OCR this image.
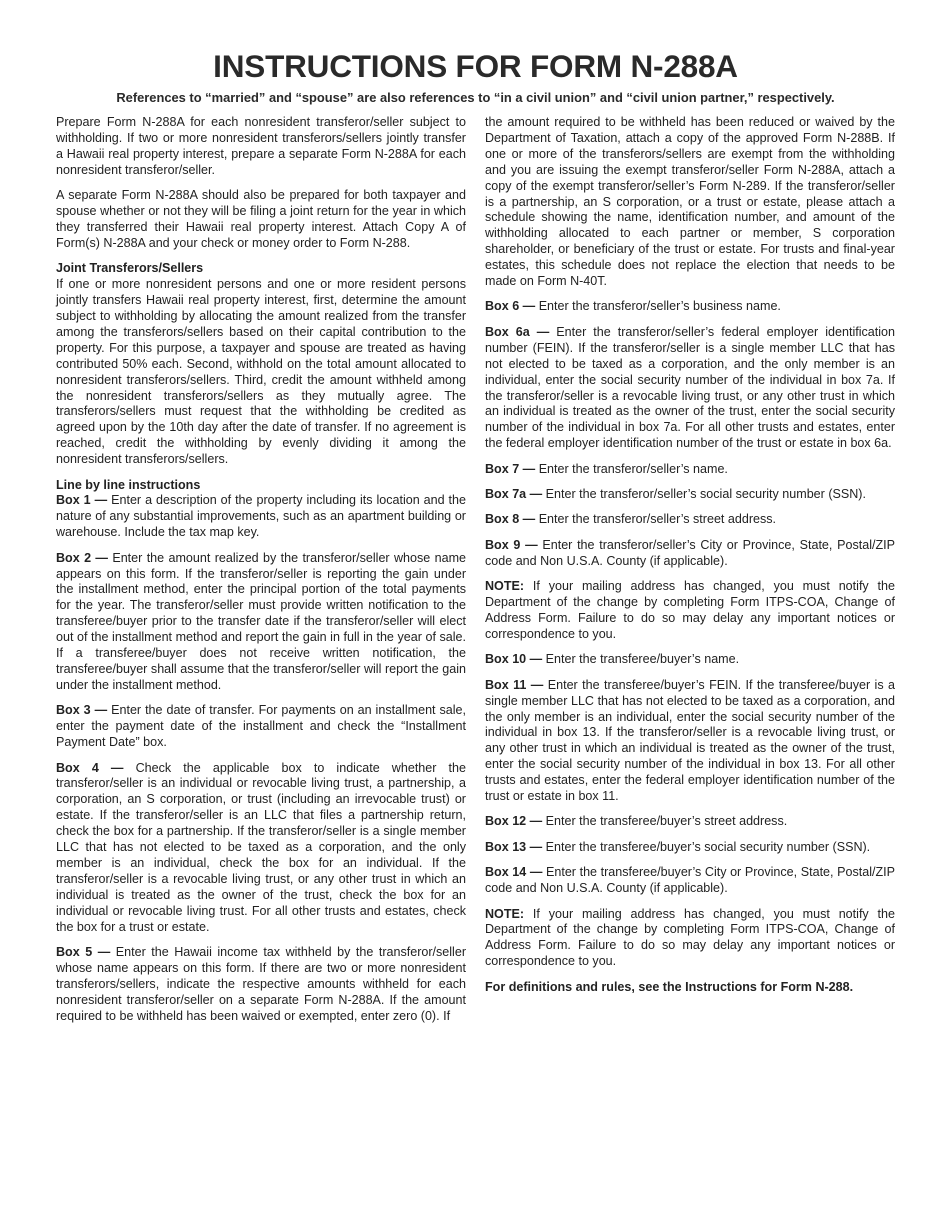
INSTRUCTIONS FOR FORM N-288A
References to “married” and “spouse” are also references to “in a civil union” and “civil union partner,” respectively.

Prepare Form N-288A for each nonresident transferor/seller subject to withholding. If two or more nonresident transferors/sellers jointly transfer a Hawaii real property interest, prepare a separate Form N-288A for each nonresident transferor/seller.

A separate Form N-288A should also be prepared for both taxpayer and spouse whether or not they will be filing a joint return for the year in which they transferred their Hawaii real property interest. Attach Copy A of Form(s) N-288A and your check or money order to Form N-288.

Joint Transferors/Sellers

If one or more nonresident persons and one or more resident persons jointly transfers Hawaii real property interest, first, determine the amount subject to withholding by allocating the amount realized from the transfer among the transferors/sellers based on their capital contribution to the property. For this purpose, a taxpayer and spouse are treated as having contributed 50% each. Second, withhold on the total amount allocated to nonresident transferors/sellers. Third, credit the amount withheld among the nonresident transferors/sellers as they mutually agree. The transferors/sellers must request that the withholding be credited as agreed upon by the 10th day after the date of transfer. If no agreement is reached, credit the withholding by evenly dividing it among the nonresident transferors/sellers.

Line by line instructions

Box 1 — Enter a description of the property including its location and the nature of any substantial improvements, such as an apartment building or warehouse. Include the tax map key.

Box 2 — Enter the amount realized by the transferor/seller whose name appears on this form. If the transferor/seller is reporting the gain under the installment method, enter the principal portion of the total payments for the year. The transferor/seller must provide written notification to the transferee/buyer prior to the transfer date if the transferor/seller will elect out of the installment method and report the gain in full in the year of sale. If a transferee/buyer does not receive written notification, the transferee/buyer shall assume that the transferor/seller will report the gain under the installment method.

Box 3 — Enter the date of transfer. For payments on an installment sale, enter the payment date of the installment and check the “Installment Payment Date” box.

Box 4 — Check the applicable box to indicate whether the transferor/seller is an individual or revocable living trust, a partnership, a corporation, an S corporation, or trust (including an irrevocable trust) or estate. If the transferor/seller is an LLC that files a partnership return, check the box for a partnership. If the transferor/seller is a single member LLC that has not elected to be taxed as a corporation, and the only member is an individual, check the box for an individual. If the transferor/seller is a revocable living trust, or any other trust in which an individual is treated as the owner of the trust, check the box for an individual or revocable living trust. For all other trusts and estates, check the box for a trust or estate.

Box 5 — Enter the Hawaii income tax withheld by the transferor/seller whose name appears on this form. If there are two or more nonresident transferors/sellers, indicate the respective amounts withheld for each nonresident transferor/seller on a separate Form N-288A. If the amount required to be withheld has been waived or exempted, enter zero (0). If

the amount required to be withheld has been reduced or waived by the Department of Taxation, attach a copy of the approved Form N-288B. If one or more of the transferors/sellers are exempt from the withholding and you are issuing the exempt transferor/seller Form N-288A, attach a copy of the exempt transferor/seller’s Form N-289. If the transferor/seller is a partnership, an S corporation, or a trust or estate, please attach a schedule showing the name, identification number, and amount of the withholding allocated to each partner or member, S corporation shareholder, or beneficiary of the trust or estate. For trusts and final-year estates, this schedule does not replace the election that needs to be made on Form N-40T.

Box 6 — Enter the transferor/seller’s business name.

Box 6a — Enter the transferor/seller’s federal employer identification number (FEIN). If the transferor/seller is a single member LLC that has not elected to be taxed as a corporation, and the only member is an individual, enter the social security number of the individual in box 7a. If the transferor/seller is a revocable living trust, or any other trust in which an individual is treated as the owner of the trust, enter the social security number of the individual in box 7a. For all other trusts and estates, enter the federal employer identification number of the trust or estate in box 6a.

Box 7 — Enter the transferor/seller’s name.

Box 7a — Enter the transferor/seller’s social security number (SSN).

Box 8 — Enter the transferor/seller’s street address.

Box 9 — Enter the transferor/seller’s City or Province, State, Postal/ZIP code and Non U.S.A. County (if applicable).

NOTE: If your mailing address has changed, you must notify the Department of the change by completing Form ITPS-COA, Change of Address Form. Failure to do so may delay any important notices or correspondence to you.

Box 10 — Enter the transferee/buyer’s name.

Box 11 — Enter the transferee/buyer’s FEIN. If the transferee/buyer is a single member LLC that has not elected to be taxed as a corporation, and the only member is an individual, enter the social security number of the individual in box 13. If the transferor/seller is a revocable living trust, or any other trust in which an individual is treated as the owner of the trust, enter the social security number of the individual in box 13. For all other trusts and estates, enter the federal employer identification number of the trust or estate in box 11.

Box 12 — Enter the transferee/buyer’s street address.

Box 13 — Enter the transferee/buyer’s social security number (SSN).

Box 14 — Enter the transferee/buyer’s City or Province, State, Postal/ZIP code and Non U.S.A. County (if applicable).

NOTE: If your mailing address has changed, you must notify the Department of the change by completing Form ITPS-COA, Change of Address Form. Failure to do so may delay any important notices or correspondence to you.

For definitions and rules, see the Instructions for Form N-288.
